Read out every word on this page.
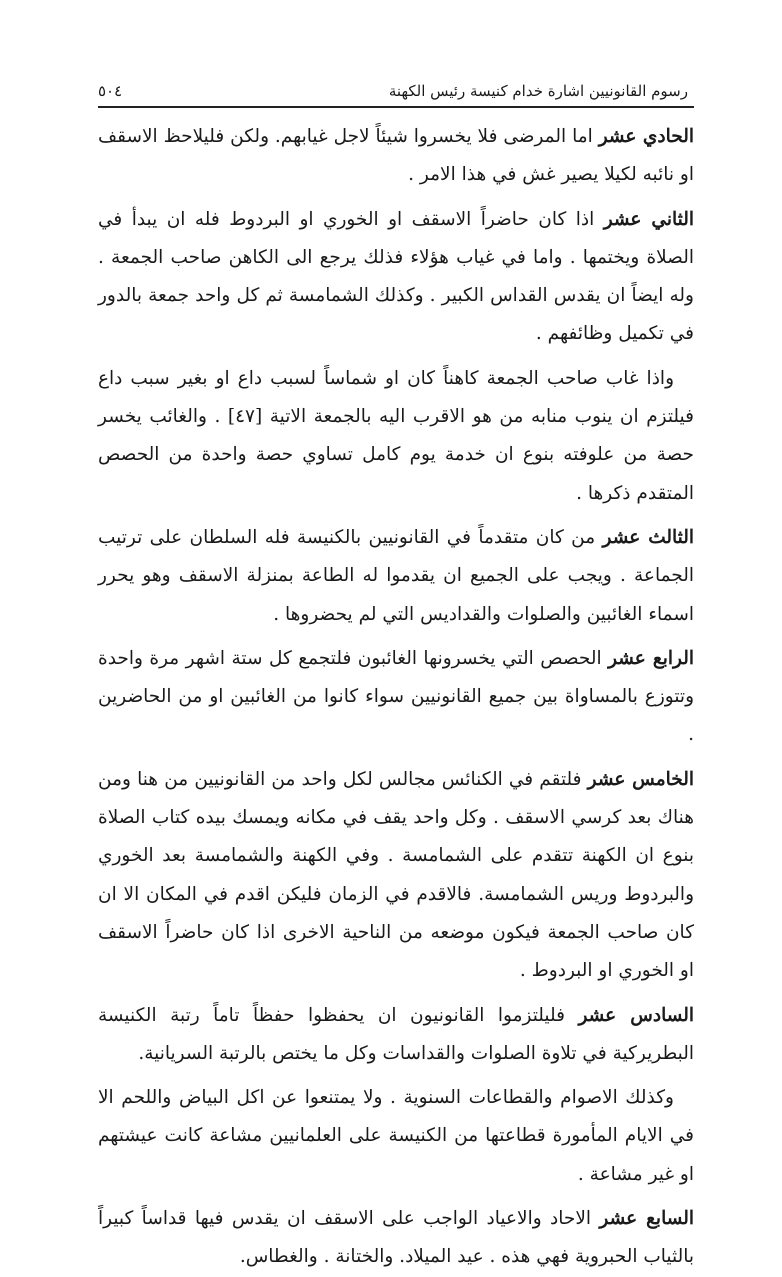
رسوم القانونيين اشارة خدام كنيسة رئيس الكهنة
٥٠٤

الحادي عشر اما المرضى فلا يخسروا شيئاً لاجل غيابهم. ولكن فليلاحظ الاسقف او نائبه لكيلا يصير غش في هذا الامر .

الثاني عشر اذا كان حاضراً الاسقف او الخوري او البردوط فله ان يبدأ في الصلاة ويختمها . واما في غياب هؤلاء فذلك يرجع الى الكاهن صاحب الجمعة . وله ايضاً ان يقدس القداس الكبير . وكذلك الشمامسة ثم كل واحد جمعة بالدور في تكميل وظائفهم .

واذا غاب صاحب الجمعة كاهناً كان او شماساً لسبب داع او بغير سبب داع فيلتزم ان ينوب منابه من هو الاقرب اليه بالجمعة الاتية [٤٧] . والغائب يخسر حصة من علوفته بنوع ان خدمة يوم كامل تساوي حصة واحدة من الحصص المتقدم ذكرها .

الثالث عشر من كان متقدماً في القانونيين بالكنيسة فله السلطان على ترتيب الجماعة . ويجب على الجميع ان يقدموا له الطاعة بمنزلة الاسقف وهو يحرر اسماء الغائبين والصلوات والقداديس التي لم يحضروها .

الرابع عشر الحصص التي يخسرونها الغائبون فلتجمع كل ستة اشهر مرة واحدة وتتوزع بالمساواة بين جميع القانونيين سواء كانوا من الغائبين او من الحاضرين .

الخامس عشر فلتقم في الكنائس مجالس لكل واحد من القانونيين من هنا ومن هناك بعد كرسي الاسقف . وكل واحد يقف في مكانه ويمسك بيده كتاب الصلاة بنوع ان الكهنة تتقدم على الشمامسة . وفي الكهنة والشمامسة بعد الخوري والبردوط وريس الشمامسة. فالاقدم في الزمان فليكن اقدم في المكان الا ان كان صاحب الجمعة فيكون موضعه من الناحية الاخرى اذا كان حاضراً الاسقف او الخوري او البردوط .

السادس عشر فليلتزموا القانونيون ان يحفظوا حفظاً تاماً رتبة الكنيسة البطريركية في تلاوة الصلوات والقداسات وكل ما يختص بالرتبة السريانية.

وكذلك الاصوام والقطاعات السنوية . ولا يمتنعوا عن اكل البياض واللحم الا في الايام المأمورة قطاعتها من الكنيسة على العلمانيين مشاعة كانت عيشتهم او غير مشاعة .

السابع عشر الاحاد والاعياد الواجب على الاسقف ان يقدس فيها قداساً كبيراً بالثياب الحبروية فهي هذه . عيد الميلاد. والختانة . والغطاس.
